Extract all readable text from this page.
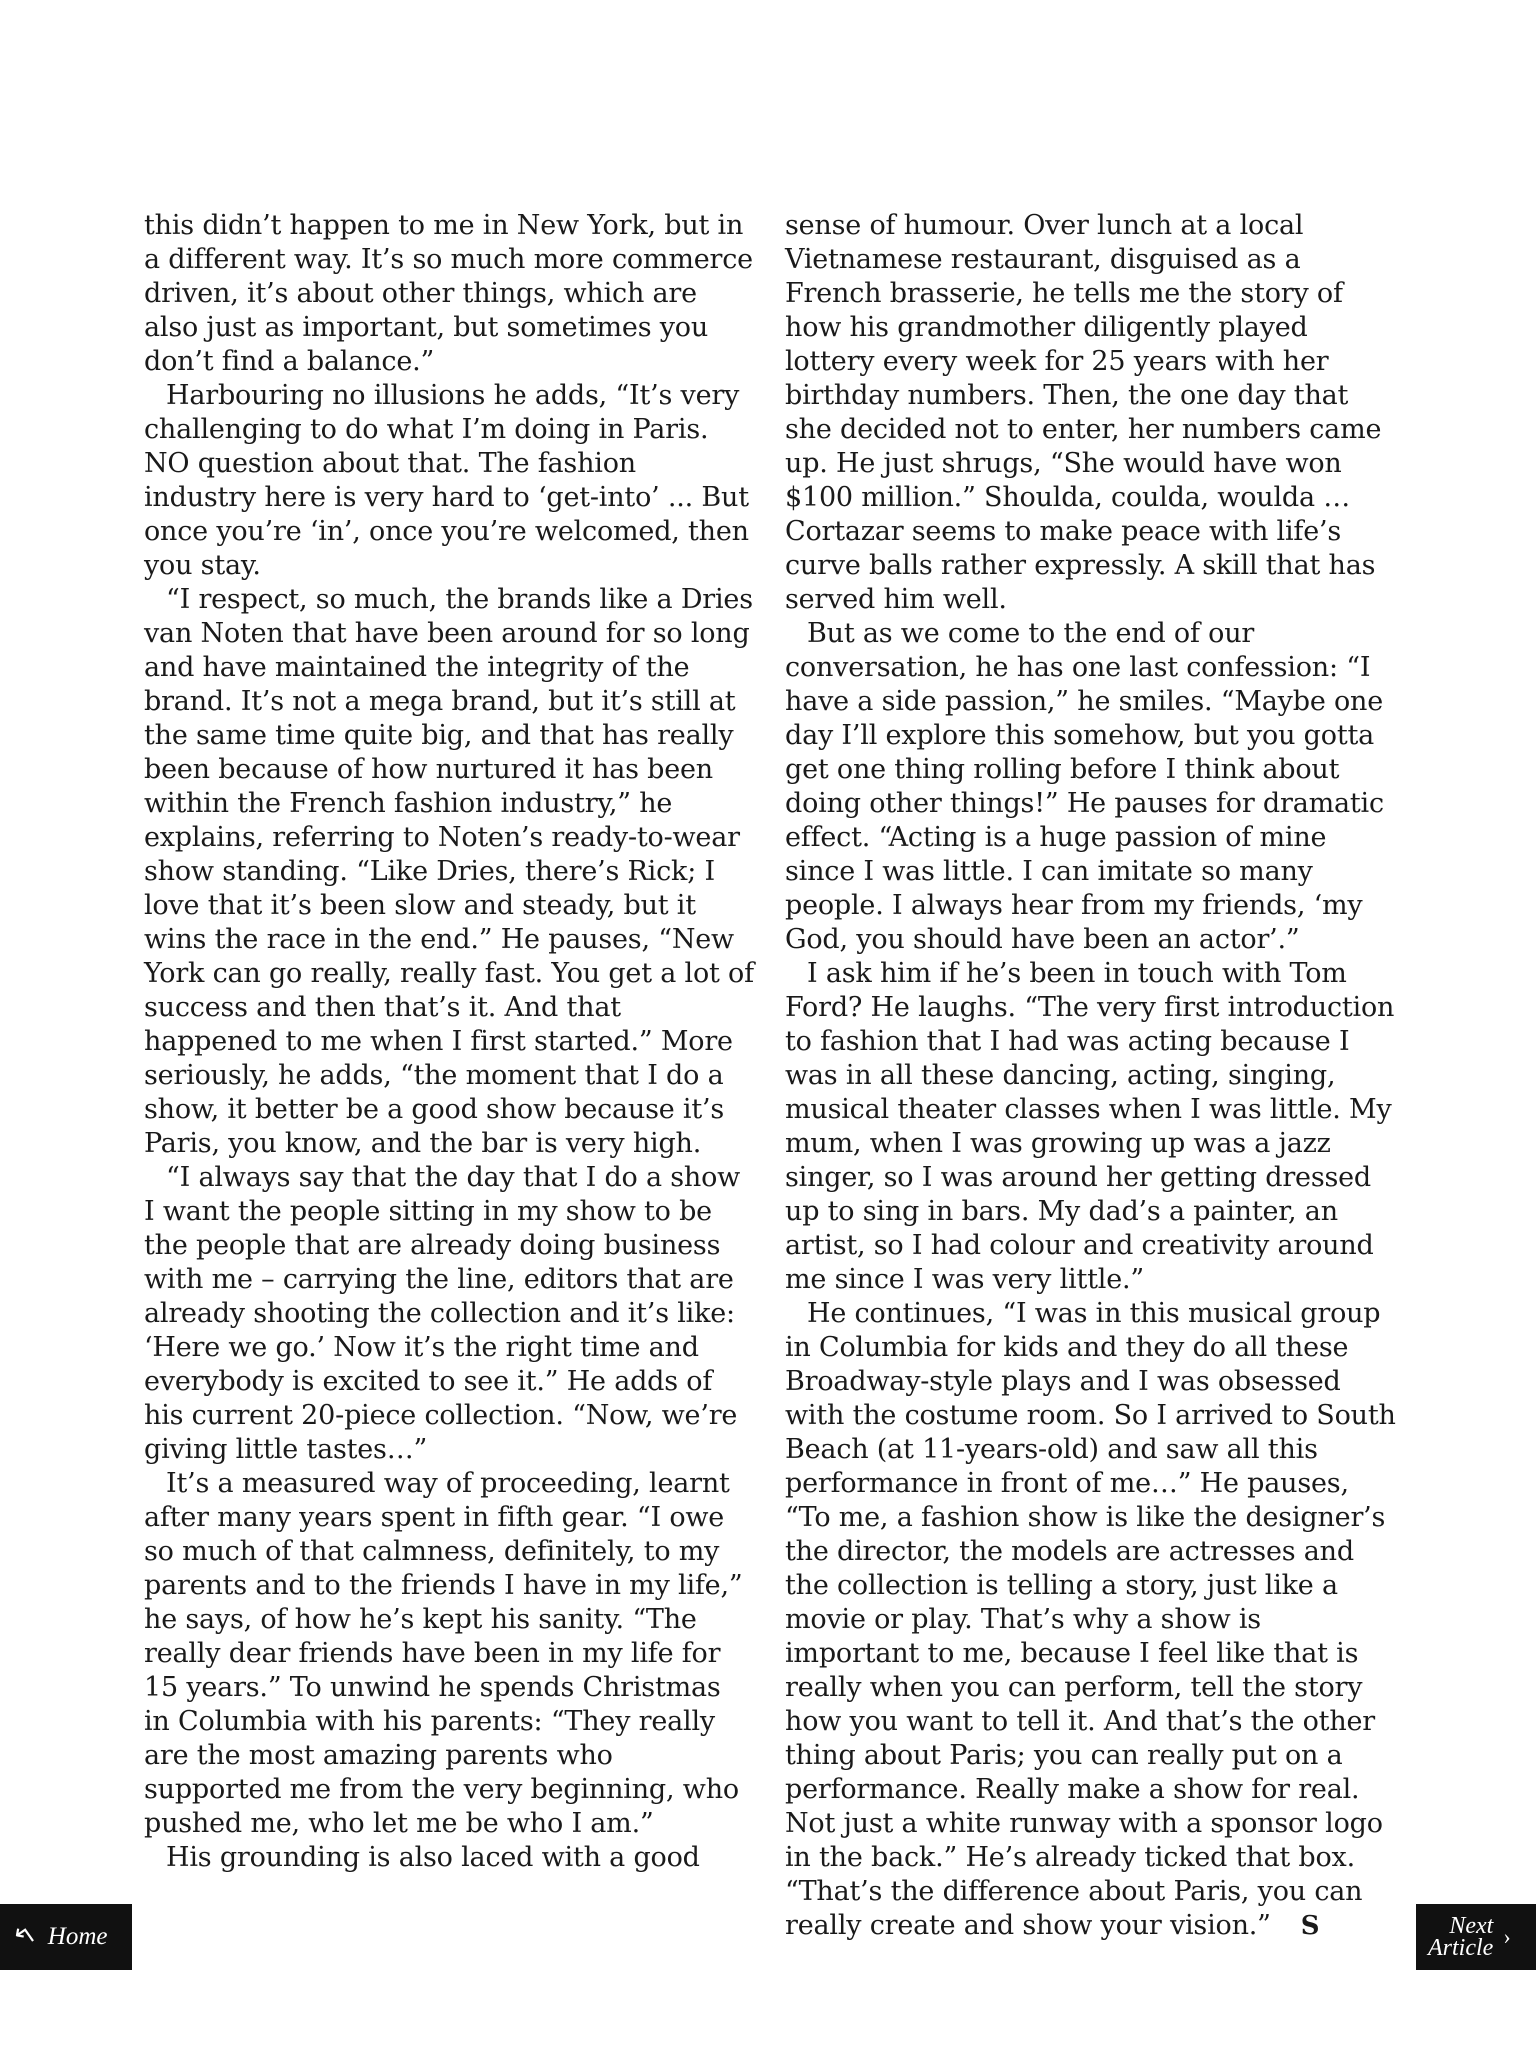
this didn’t happen to me in New York, but in a different way. It’s so much more commerce driven, it’s about other things, which are also just as important, but sometimes you don’t find a balance.”

Harbouring no illusions he adds, “It’s very challenging to do what I’m doing in Paris. NO question about that. The fashion industry here is very hard to ‘get-into’ ... But once you’re ‘in’, once you’re welcomed, then you stay.

“I respect, so much, the brands like a Dries van Noten that have been around for so long and have maintained the integrity of the brand. It’s not a mega brand, but it’s still at the same time quite big, and that has really been because of how nurtured it has been within the French fashion industry,” he explains, referring to Noten’s ready-to-wear show standing. “Like Dries, there’s Rick; I love that it’s been slow and steady, but it wins the race in the end.” He pauses, “New York can go really, really fast. You get a lot of success and then that’s it. And that happened to me when I first started.” More seriously, he adds, “the moment that I do a show, it better be a good show because it’s Paris, you know, and the bar is very high.

“I always say that the day that I do a show I want the people sitting in my show to be the people that are already doing business with me – carrying the line, editors that are already shooting the collection and it’s like: ‘Here we go.’ Now it’s the right time and everybody is excited to see it.” He adds of his current 20-piece collection. “Now, we’re giving little tastes…”

It’s a measured way of proceeding, learnt after many years spent in fifth gear. “I owe so much of that calmness, definitely, to my parents and to the friends I have in my life,” he says, of how he’s kept his sanity. “The really dear friends have been in my life for 15 years.” To unwind he spends Christmas in Columbia with his parents: “They really are the most amazing parents who supported me from the very beginning, who pushed me, who let me be who I am.”

His grounding is also laced with a good

sense of humour. Over lunch at a local Vietnamese restaurant, disguised as a French brasserie, he tells me the story of how his grandmother diligently played lottery every week for 25 years with her birthday numbers. Then, the one day that she decided not to enter, her numbers came up. He just shrugs, “She would have won $100 million.” Shoulda, coulda, woulda … Cortazar seems to make peace with life’s curve balls rather expressly. A skill that has served him well.

But as we come to the end of our conversation, he has one last confession: “I have a side passion,” he smiles. “Maybe one day I’ll explore this somehow, but you gotta get one thing rolling before I think about doing other things!” He pauses for dramatic effect. “Acting is a huge passion of mine since I was little. I can imitate so many people. I always hear from my friends, ‘my God, you should have been an actor’.”

I ask him if he’s been in touch with Tom Ford? He laughs. “The very first introduction to fashion that I had was acting because I was in all these dancing, acting, singing, musical theater classes when I was little. My mum, when I was growing up was a jazz singer, so I was around her getting dressed up to sing in bars. My dad’s a painter, an artist, so I had colour and creativity around me since I was very little.”

He continues, “I was in this musical group in Columbia for kids and they do all these Broadway-style plays and I was obsessed with the costume room. So I arrived to South Beach (at 11-years-old) and saw all this performance in front of me…” He pauses, “To me, a fashion show is like the designer’s the director, the models are actresses and the collection is telling a story, just like a movie or play. That’s why a show is important to me, because I feel like that is really when you can perform, tell the story how you want to tell it. And that’s the other thing about Paris; you can really put on a performance. Really make a show for real. Not just a white runway with a sponsor logo in the back.” He’s already ticked that box. “That’s the difference about Paris, you can really create and show your vision.” S

↰ Home	Next
Article ›
